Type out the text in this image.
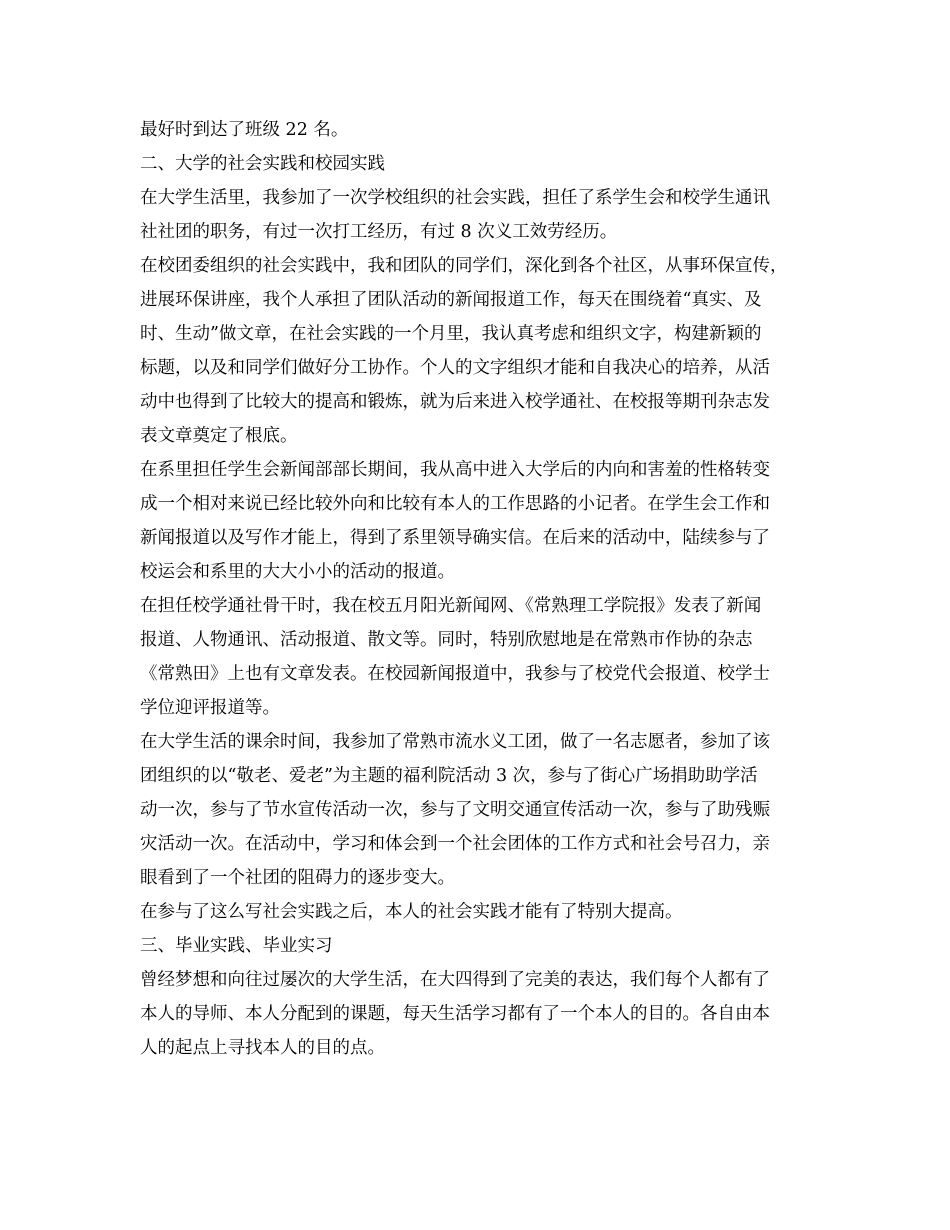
最好时到达了班级 22 名。

二、大学的社会实践和校园实践

在大学生活里，我参加了一次学校组织的社会实践，担任了系学生会和校学生通讯

社社团的职务，有过一次打工经历，有过 8 次义工效劳经历。

在校团委组织的社会实践中，我和团队的同学们，深化到各个社区，从事环保宣传，

进展环保讲座，我个人承担了团队活动的新闻报道工作，每天在围绕着“真实、及

时、生动”做文章，在社会实践的一个月里，我认真考虑和组织文字，构建新颖的

标题，以及和同学们做好分工协作。个人的文字组织才能和自我决心的培养，从活

动中也得到了比较大的提高和锻炼，就为后来进入校学通社、在校报等期刊杂志发

表文章奠定了根底。

在系里担任学生会新闻部部长期间，我从高中进入大学后的内向和害羞的性格转变

成一个相对来说已经比较外向和比较有本人的工作思路的小记者。在学生会工作和

新闻报道以及写作才能上，得到了系里领导确实信。在后来的活动中，陆续参与了

校运会和系里的大大小小的活动的报道。

在担任校学通社骨干时，我在校五月阳光新闻网、《常熟理工学院报》发表了新闻

报道、人物通讯、活动报道、散文等。同时，特别欣慰地是在常熟市作协的杂志

《常熟田》上也有文章发表。在校园新闻报道中，我参与了校党代会报道、校学士

学位迎评报道等。

在大学生活的课余时间，我参加了常熟市流水义工团，做了一名志愿者，参加了该

团组织的以“敬老、爱老”为主题的福利院活动 3 次，参与了街心广场捐助助学活

动一次，参与了节水宣传活动一次，参与了文明交通宣传活动一次，参与了助残赈

灾活动一次。在活动中，学习和体会到一个社会团体的工作方式和社会号召力，亲

眼看到了一个社团的阻碍力的逐步变大。

在参与了这么写社会实践之后，本人的社会实践才能有了特别大提高。

三、毕业实践、毕业实习

曾经梦想和向往过屡次的大学生活，在大四得到了完美的表达，我们每个人都有了

本人的导师、本人分配到的课题，每天生活学习都有了一个本人的目的。各自由本

人的起点上寻找本人的目的点。
